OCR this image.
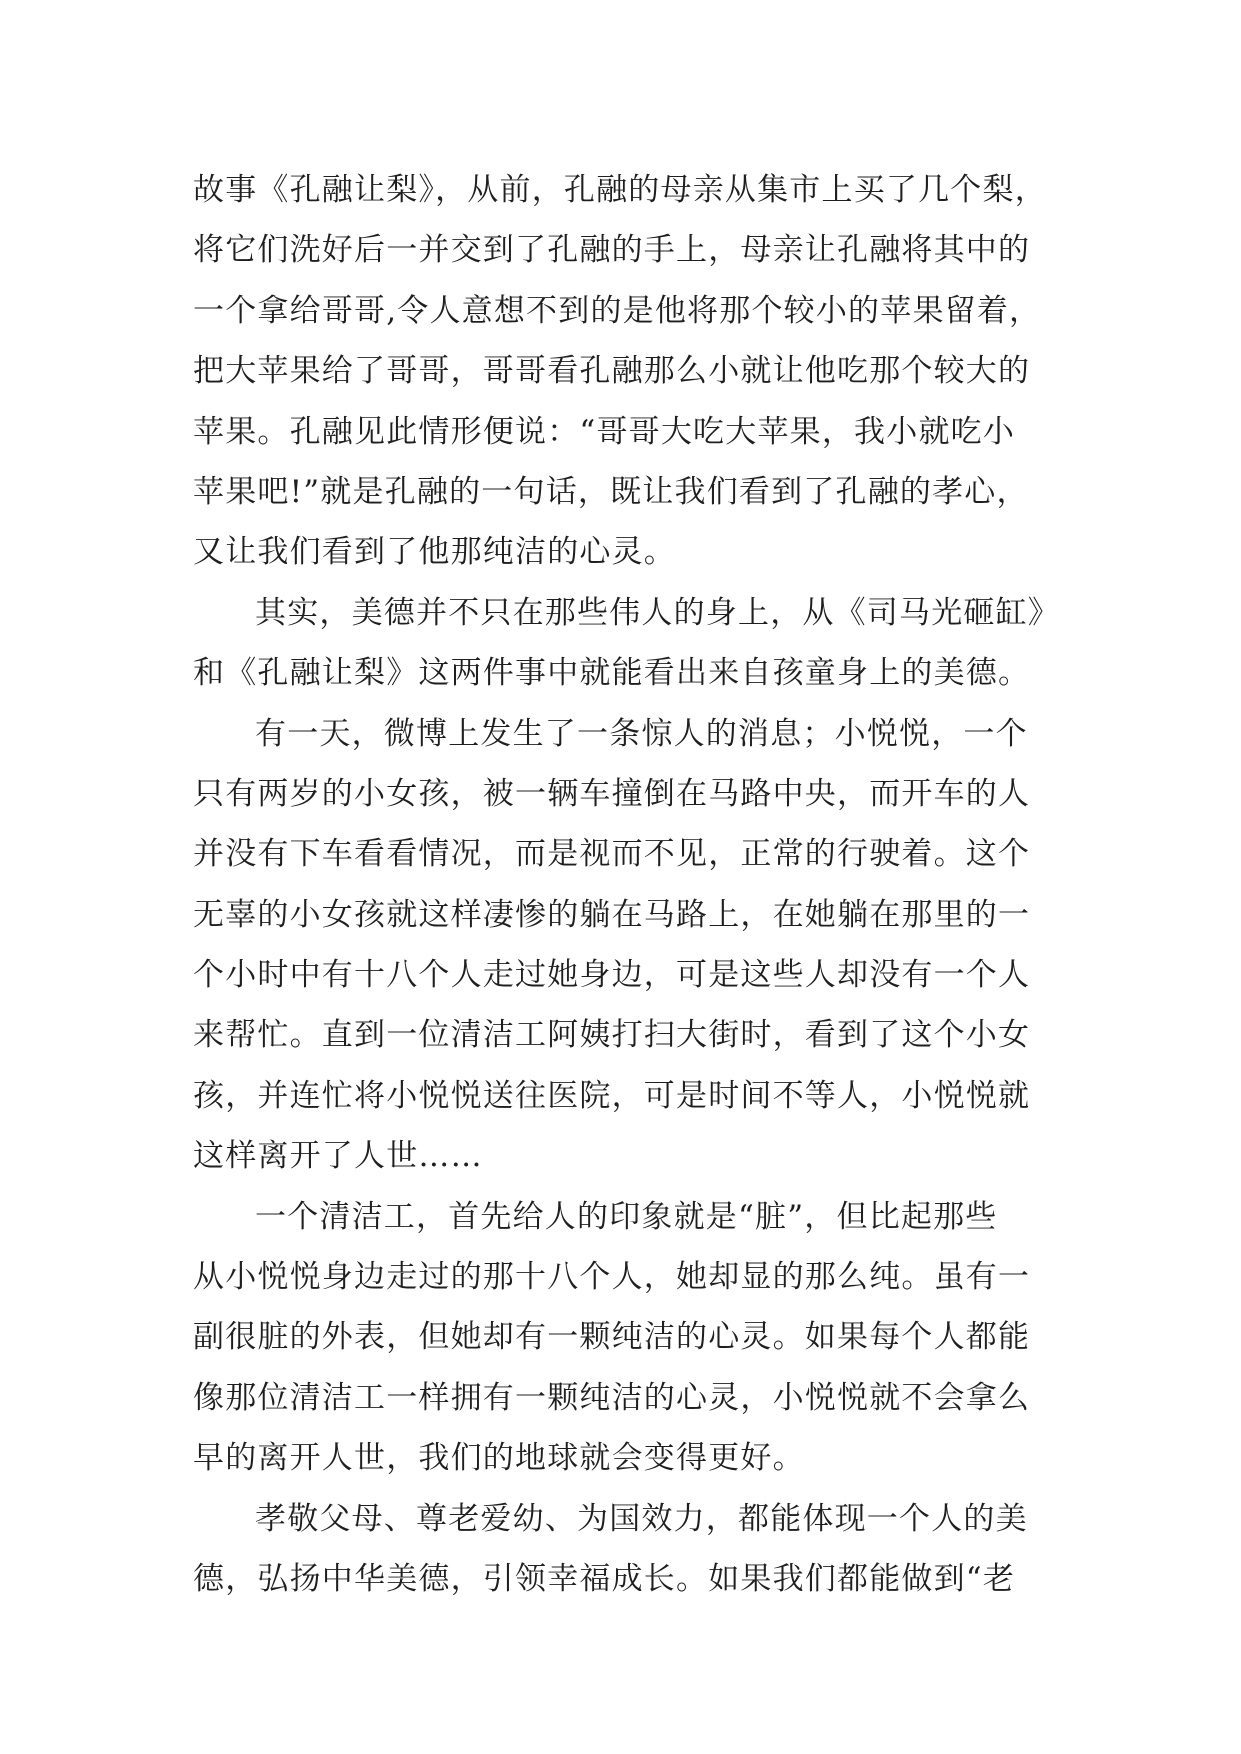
故事《孔融让梨》，从前，孔融的母亲从集市上买了几个梨，
将它们洗好后一并交到了孔融的手上，母亲让孔融将其中的
一个拿给哥哥,令人意想不到的是他将那个较小的苹果留着，
把大苹果给了哥哥，哥哥看孔融那么小就让他吃那个较大的
苹果。孔融见此情形便说：“哥哥大吃大苹果，我小就吃小
苹果吧!”就是孔融的一句话，既让我们看到了孔融的孝心，
又让我们看到了他那纯洁的心灵。
其实，美德并不只在那些伟人的身上，从《司马光砸缸》
和《孔融让梨》这两件事中就能看出来自孩童身上的美德。
有一天，微博上发生了一条惊人的消息；小悦悦，一个
只有两岁的小女孩，被一辆车撞倒在马路中央，而开车的人
并没有下车看看情况，而是视而不见，正常的行驶着。这个
无辜的小女孩就这样凄惨的躺在马路上，在她躺在那里的一
个小时中有十八个人走过她身边，可是这些人却没有一个人
来帮忙。直到一位清洁工阿姨打扫大街时，看到了这个小女
孩，并连忙将小悦悦送往医院，可是时间不等人，小悦悦就
这样离开了人世……
一个清洁工，首先给人的印象就是“脏”，但比起那些
从小悦悦身边走过的那十八个人，她却显的那么纯。虽有一
副很脏的外表，但她却有一颗纯洁的心灵。如果每个人都能
像那位清洁工一样拥有一颗纯洁的心灵，小悦悦就不会拿么
早的离开人世，我们的地球就会变得更好。
孝敬父母、尊老爱幼、为国效力，都能体现一个人的美
德，弘扬中华美德，引领幸福成长。如果我们都能做到“老
